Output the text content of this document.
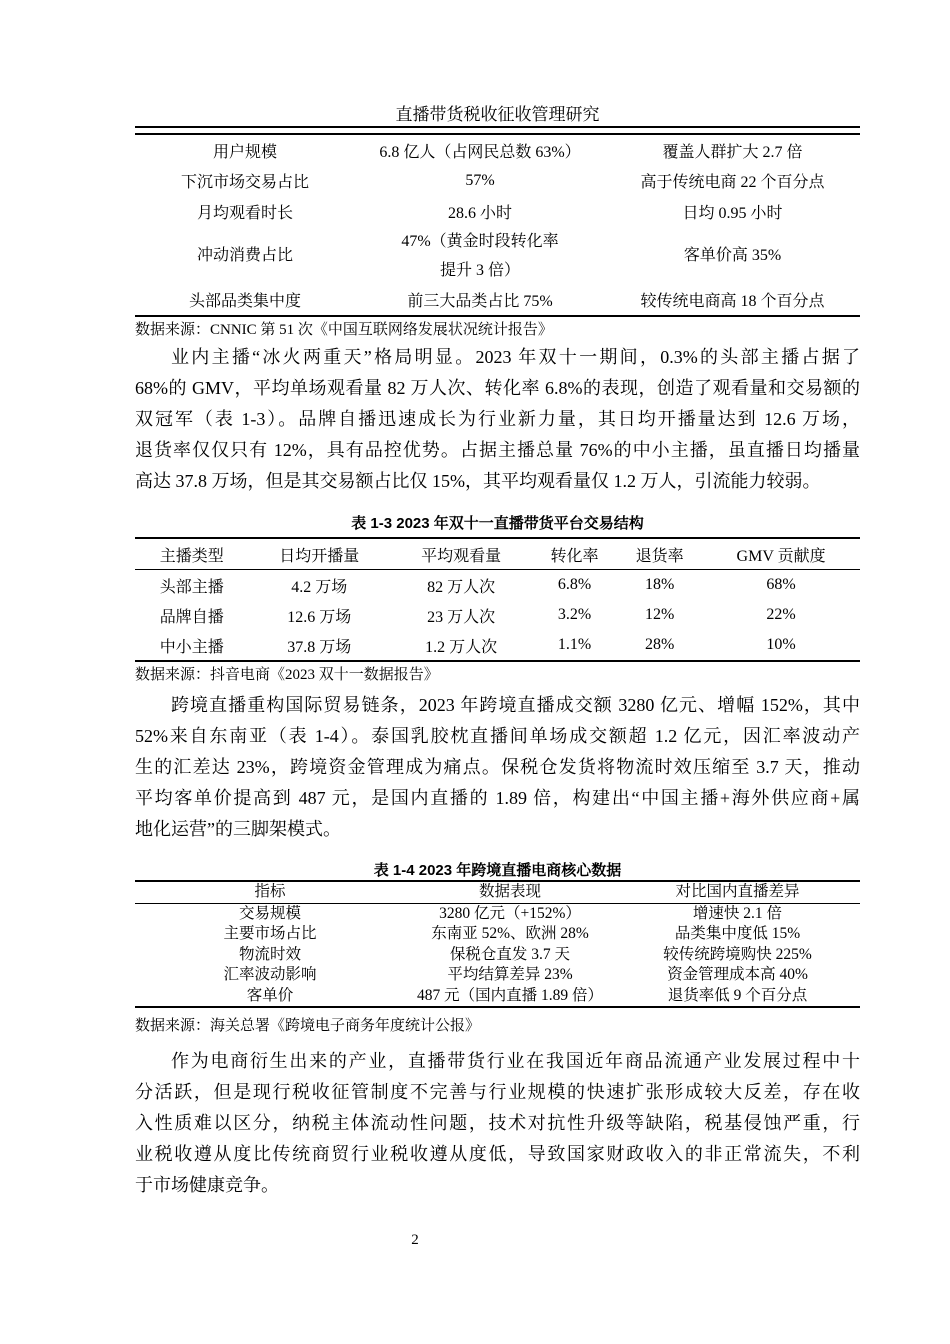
直播带货税收征收管理研究
用户规模	6.8 亿人（占网民总数 63%）	覆盖人群扩大 2.7 倍
下沉市场交易占比	57%	高于传统电商 22 个百分点
月均观看时长	28.6 小时	日均 0.95 小时
冲动消费占比	47%（黄金时段转化率提升 3 倍）	客单价高 35%
头部品类集中度	前三大品类占比 75%	较传统电商高 18 个百分点
数据来源：CNNIC 第 51 次《中国互联网络发展状况统计报告》
业内主播“冰火两重天”格局明显。2023 年双十一期间，0.3%的头部主播占据了
68%的 GMV，平均单场观看量 82 万人次、转化率 6.8%的表现，创造了观看量和交易额的
双冠军（表 1-3）。品牌自播迅速成长为行业新力量，其日均开播量达到 12.6 万场，
退货率仅仅只有 12%，具有品控优势。占据主播总量 76%的中小主播，虽直播日均播量
高达 37.8 万场，但是其交易额占比仅 15%，其平均观看量仅 1.2 万人，引流能力较弱。
表 1-3 2023 年双十一直播带货平台交易结构
主播类型	日均开播量	平均观看量	转化率	退货率	GMV 贡献度
头部主播	4.2 万场	82 万人次	6.8%	18%	68%
品牌自播	12.6 万场	23 万人次	3.2%	12%	22%
中小主播	37.8 万场	1.2 万人次	1.1%	28%	10%
数据来源：抖音电商《2023 双十一数据报告》
跨境直播重构国际贸易链条，2023 年跨境直播成交额 3280 亿元、增幅 152%，其中
52%来自东南亚（表 1-4）。泰国乳胶枕直播间单场成交额超 1.2 亿元，因汇率波动产
生的汇差达 23%，跨境资金管理成为痛点。保税仓发货将物流时效压缩至 3.7 天，推动
平均客单价提高到 487 元，是国内直播的 1.89 倍，构建出“中国主播+海外供应商+属
地化运营”的三脚架模式。
表 1-4 2023 年跨境直播电商核心数据
指标	数据表现	对比国内直播差异
交易规模	3280 亿元（+152%）	增速快 2.1 倍
主要市场占比	东南亚 52%、欧洲 28%	品类集中度低 15%
物流时效	保税仓直发 3.7 天	较传统跨境购快 225%
汇率波动影响	平均结算差异 23%	资金管理成本高 40%
客单价	487 元（国内直播 1.89 倍）	退货率低 9 个百分点
数据来源：海关总署《跨境电子商务年度统计公报》
作为电商衍生出来的产业，直播带货行业在我国近年商品流通产业发展过程中十
分活跃，但是现行税收征管制度不完善与行业规模的快速扩张形成较大反差，存在收
入性质难以区分，纳税主体流动性问题，技术对抗性升级等缺陷，税基侵蚀严重，行
业税收遵从度比传统商贸行业税收遵从度低，导致国家财政收入的非正常流失，不利
于市场健康竞争。
2
